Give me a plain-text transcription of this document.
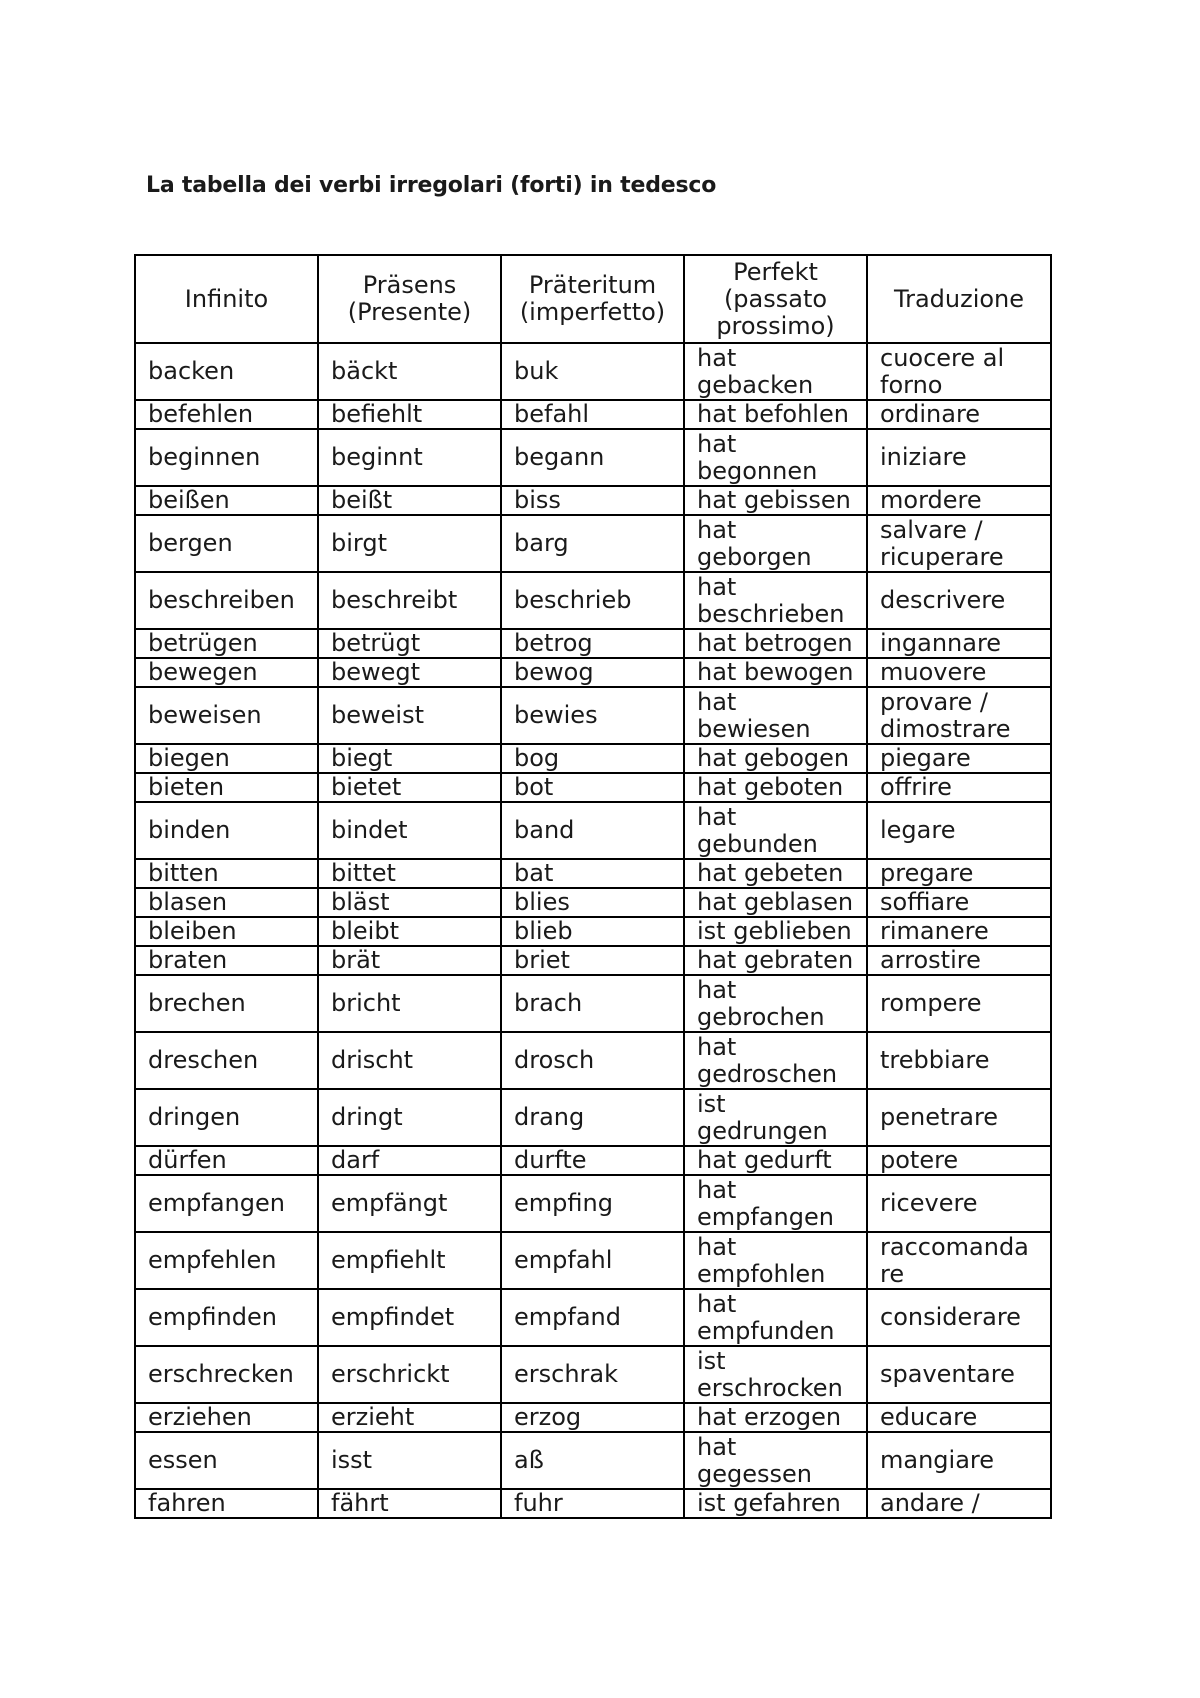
La tabella dei verbi irregolari (forti) in tedesco
Infinito	Präsens (Presente)	Präteritum (imperfetto)	Perfekt (passato prossimo)	Traduzione
backen	bäckt	buk	hat gebacken	cuocere al forno
befehlen	befiehlt	befahl	hat befohlen	ordinare
beginnen	beginnt	begann	hat begonnen	iniziare
beißen	beißt	biss	hat gebissen	mordere
bergen	birgt	barg	hat geborgen	salvare / ricuperare
beschreiben	beschreibt	beschrieb	hat beschrieben	descrivere
betrügen	betrügt	betrog	hat betrogen	ingannare
bewegen	bewegt	bewog	hat bewogen	muovere
beweisen	beweist	bewies	hat bewiesen	provare / dimostrare
biegen	biegt	bog	hat gebogen	piegare
bieten	bietet	bot	hat geboten	offrire
binden	bindet	band	hat gebunden	legare
bitten	bittet	bat	hat gebeten	pregare
blasen	bläst	blies	hat geblasen	soffiare
bleiben	bleibt	blieb	ist geblieben	rimanere
braten	brät	briet	hat gebraten	arrostire
brechen	bricht	brach	hat gebrochen	rompere
dreschen	drischt	drosch	hat gedroschen	trebbiare
dringen	dringt	drang	ist gedrungen	penetrare
dürfen	darf	durfte	hat gedurft	potere
empfangen	empfängt	empfing	hat empfangen	ricevere
empfehlen	empfiehlt	empfahl	hat empfohlen	raccomandare
empfinden	empfindet	empfand	hat empfunden	considerare
erschrecken	erschrickt	erschrak	ist erschrocken	spaventare
erziehen	erzieht	erzog	hat erzogen	educare
essen	isst	aß	hat gegessen	mangiare
fahren	fährt	fuhr	ist gefahren	andare /
